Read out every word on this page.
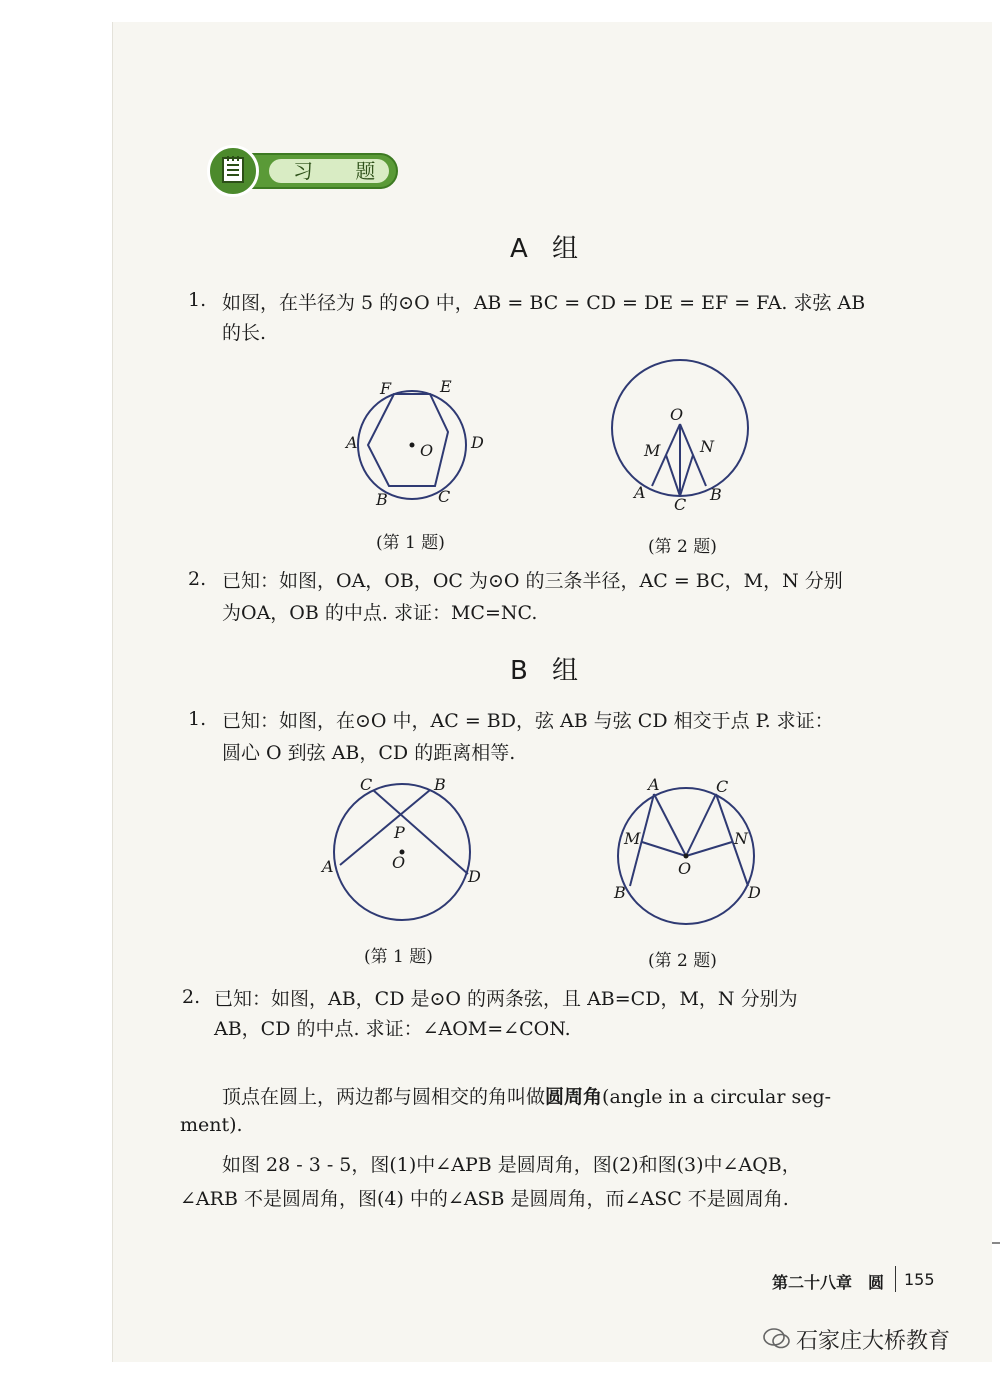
习 题
A 组
1. 如图，在半径为 5 的⊙O 中，AB = BC = CD = DE = EF = FA. 求弦 AB
的长.
F	E
A	D
O
B	C
(第 1 题)
O
M N
A
C
B
(第 2 题)
2. 已知：如图，OA，OB，OC 为⊙O 的三条半径，AC = BC，M，N 分别
为OA，OB 的中点. 求证：MC=NC.
B 组
1. 已知：如图，在⊙O 中，AC = BD，弦 AB 与弦 CD 相交于点 P. 求证：
圆心 O 到弦 AB，CD 的距离相等.
C	B
P
A	O
D
(第 1 题)
A	C
M	N
O
B	D
(第 2 题)
2. 已知：如图，AB，CD 是⊙O 的两条弦，且 AB=CD，M，N 分别为
AB，CD 的中点. 求证：∠AOM=∠CON.
顶点在圆上，两边都与圆相交的角叫做圆周角(angle in a circular seg-
ment).
如图 28 - 3 - 5，图(1)中∠APB 是圆周角，图(2)和图(3)中∠AQB，
∠ARB 不是圆周角，图(4) 中的∠ASB 是圆周角，而∠ASC 不是圆周角.
第二十八章　圆 155
石家庄大桥教育
